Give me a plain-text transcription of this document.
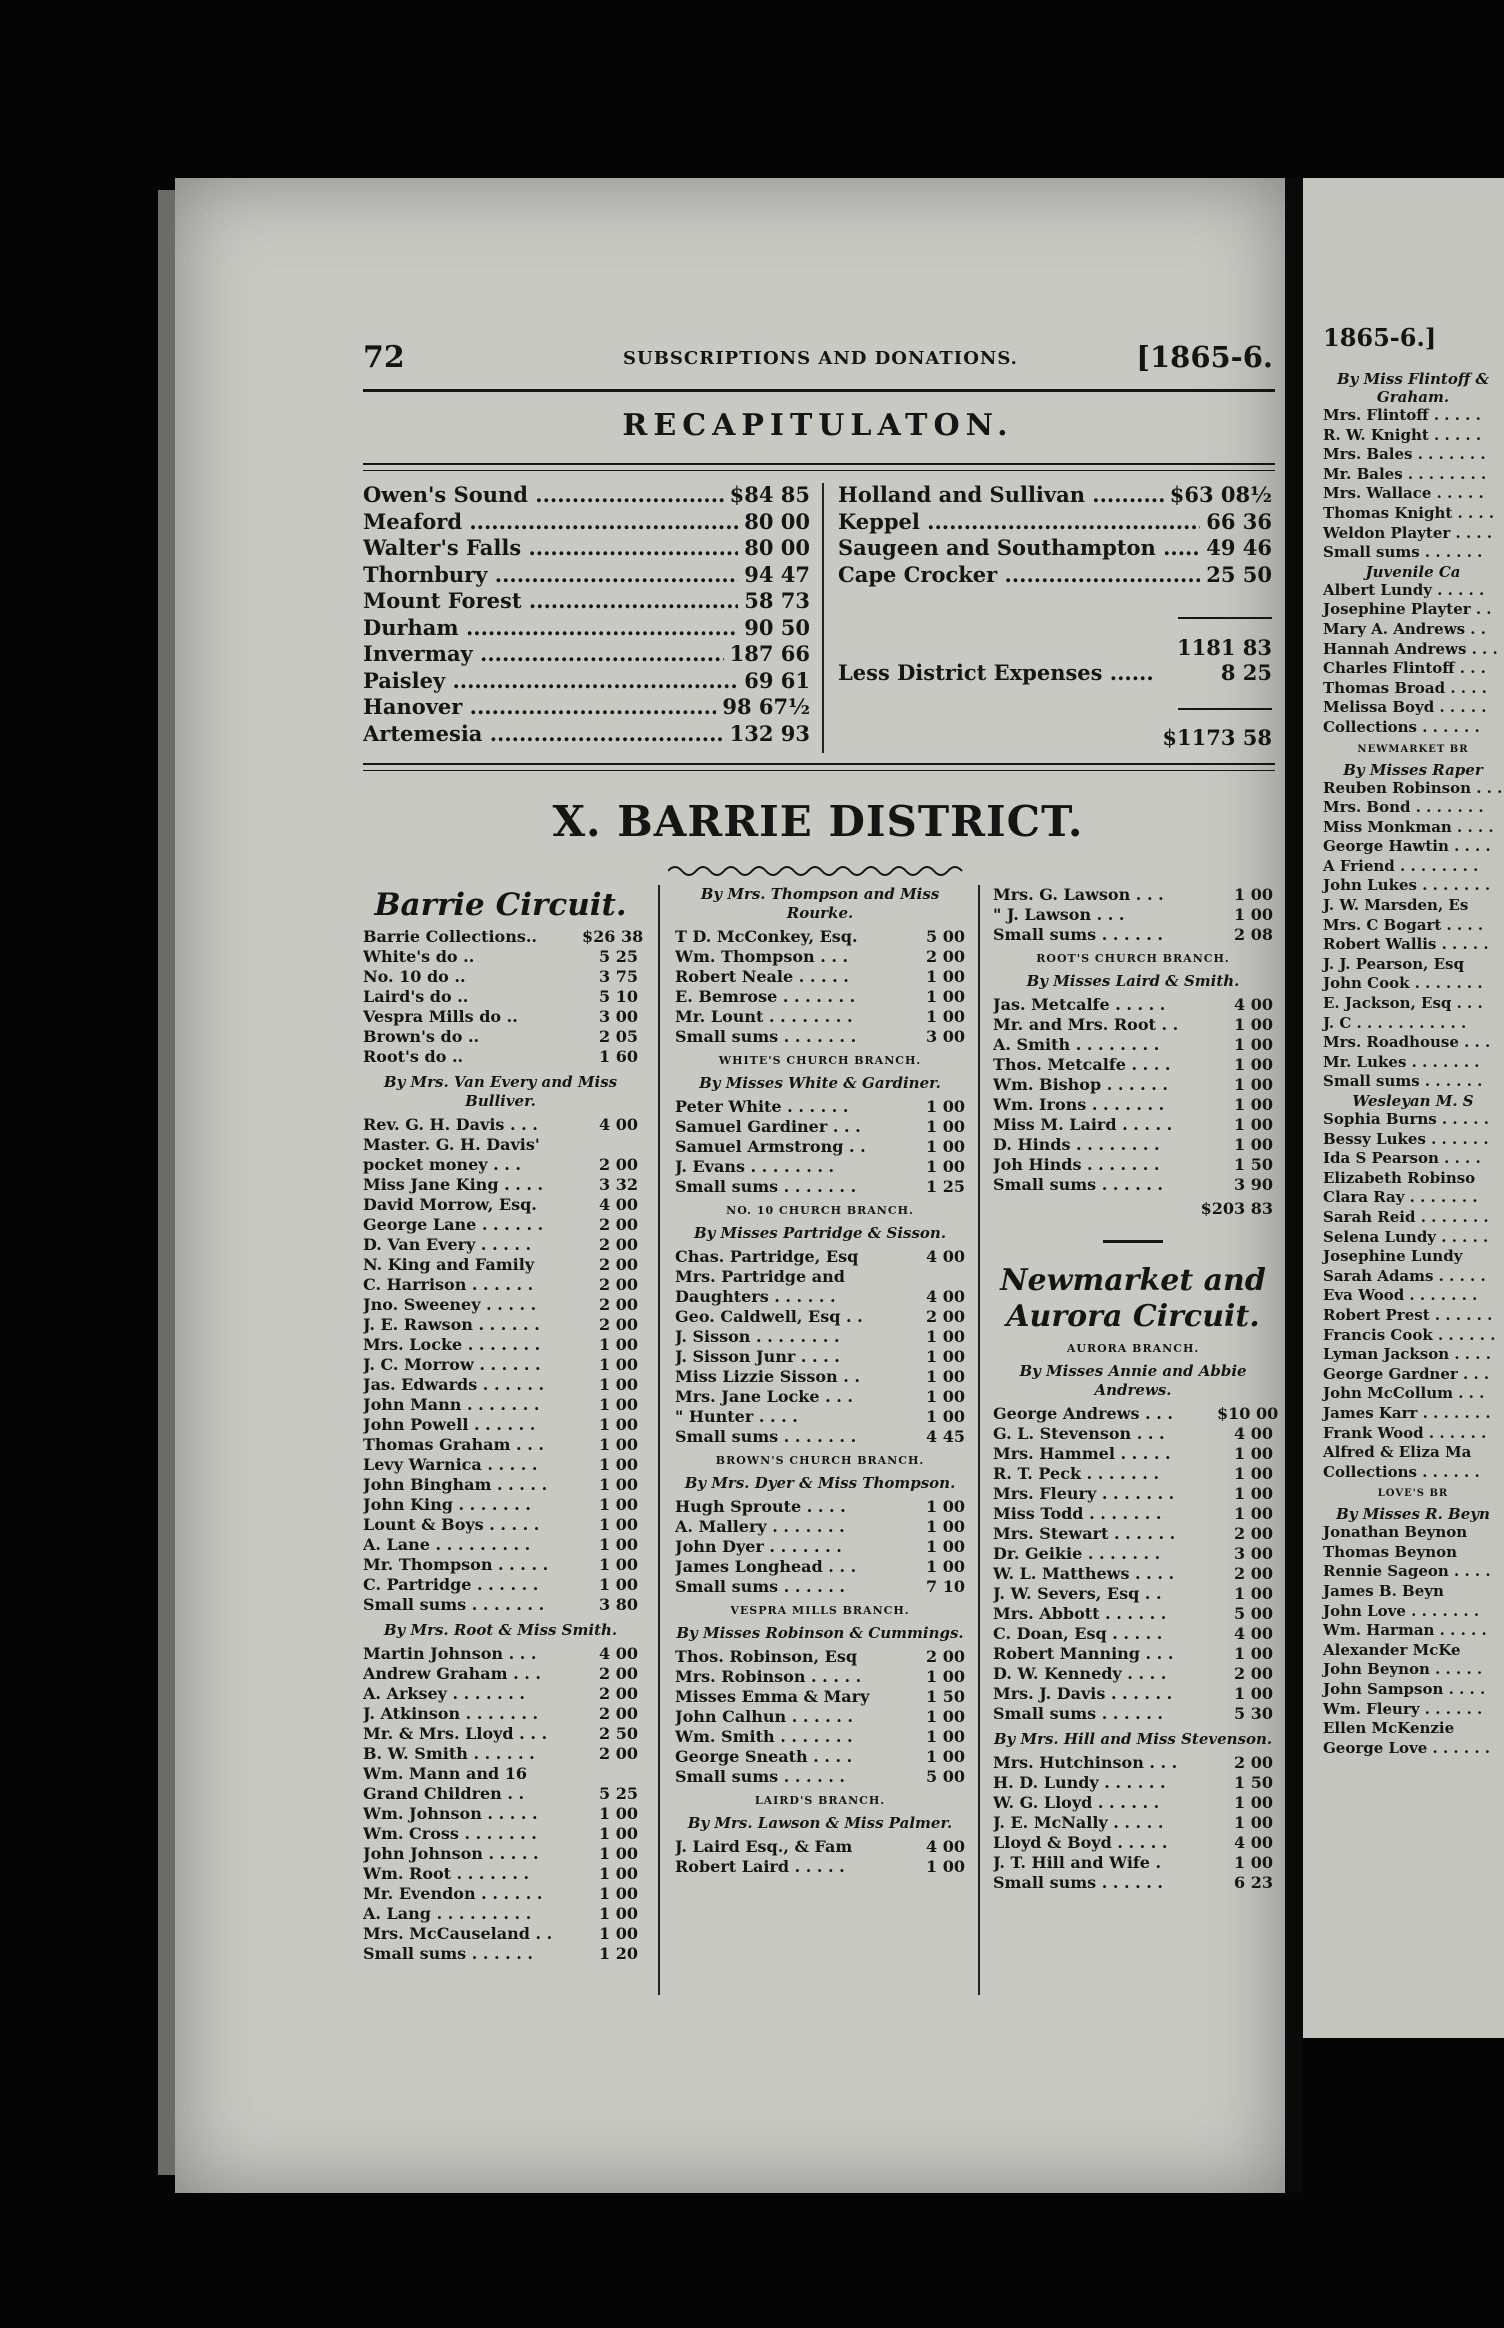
72	SUBSCRIPTIONS AND DONATIONS.	[1865-6.
RECAPITULATON.
Owen's Sound .....	$84 85
Meaford .....	80 00
Walter's Falls .....	80 00
Thornbury .....	94 47
Mount Forest .....	58 73
Durham .....	90 50
Invermay .....	187 66
Paisley .....	69 61
Hanover .....	98 67½
Artemesia .....	132 93
Holland and Sullivan .....	$63 08½
Keppel .....	66 36
Saugeen and Southampton .....	49 46
Cape Crocker .....	25 50
1181 83
Less District Expenses ......	8 25
$1173 58
X. BARRIE DISTRICT.
Barrie Circuit.
Barrie Collections..	$26 38
White's do ..	5 25
No. 10 do ..	3 75
Laird's do ..	5 10
Vespra Mills do ..	3 00
Brown's do ..	2 05
Root's do ..	1 60
By Mrs. Van Every and Miss Bulliver.
Rev. G. H. Davis . . .	4 00
Master. G. H. Davis'
pocket money . . .	2 00
Miss Jane King . . . .	3 32
David Morrow, Esq.	4 00
George Lane . . . . . .	2 00
D. Van Every . . . . .	2 00
N. King and Family	2 00
C. Harrison . . . . . .	2 00
Jno. Sweeney . . . . .	2 00
J. E. Rawson . . . . . .	2 00
Mrs. Locke . . . . . . .	1 00
J. C. Morrow . . . . . .	1 00
Jas. Edwards . . . . . .	1 00
John Mann . . . . . . .	1 00
John Powell . . . . . .	1 00
Thomas Graham . . .	1 00
Levy Warnica . . . . .	1 00
John Bingham . . . . .	1 00
John King . . . . . . .	1 00
Lount & Boys . . . . .	1 00
A. Lane . . . . . . . . .	1 00
Mr. Thompson . . . . .	1 00
C. Partridge . . . . . .	1 00
Small sums . . . . . . .	3 80
By Mrs. Root & Miss Smith.
Martin Johnson . . .	4 00
Andrew Graham . . .	2 00
A. Arksey . . . . . . .	2 00
J. Atkinson . . . . . . .	2 00
Mr. & Mrs. Lloyd . . .	2 50
B. W. Smith . . . . . .	2 00
Wm. Mann and 16
Grand Children . .	5 25
Wm. Johnson . . . . .	1 00
Wm. Cross . . . . . . .	1 00
John Johnson . . . . .	1 00
Wm. Root . . . . . . .	1 00
Mr. Evendon . . . . . .	1 00
A. Lang . . . . . . . . .	1 00
Mrs. McCauseland . .	1 00
Small sums . . . . . .	1 20
By Mrs. Thompson and Miss Rourke.
T D. McConkey, Esq.	5 00
Wm. Thompson . . .	2 00
Robert Neale . . . . .	1 00
E. Bemrose . . . . . . .	1 00
Mr. Lount . . . . . . . .	1 00
Small sums . . . . . . .	3 00
WHITE'S CHURCH BRANCH.
By Misses White & Gardiner.
Peter White . . . . . .	1 00
Samuel Gardiner . . .	1 00
Samuel Armstrong . .	1 00
J. Evans . . . . . . . .	1 00
Small sums . . . . . . .	1 25
NO. 10 CHURCH BRANCH.
By Misses Partridge & Sisson.
Chas. Partridge, Esq	4 00
Mrs. Partridge and
Daughters . . . . . .	4 00
Geo. Caldwell, Esq . .	2 00
J. Sisson . . . . . . . .	1 00
J. Sisson Junr . . . .	1 00
Miss Lizzie Sisson . .	1 00
Mrs. Jane Locke . . .	1 00
" Hunter . . . .	1 00
Small sums . . . . . . .	4 45
BROWN'S CHURCH BRANCH.
By Mrs. Dyer & Miss Thompson.
Hugh Sproute . . . .	1 00
A. Mallery . . . . . . .	1 00
John Dyer . . . . . . .	1 00
James Longhead . . .	1 00
Small sums . . . . . .	7 10
VESPRA MILLS BRANCH.
By Misses Robinson & Cummings.
Thos. Robinson, Esq	2 00
Mrs. Robinson . . . . .	1 00
Misses Emma & Mary	1 50
John Calhun . . . . . .	1 00
Wm. Smith . . . . . . .	1 00
George Sneath . . . .	1 00
Small sums . . . . . .	5 00
LAIRD'S BRANCH.
By Mrs. Lawson & Miss Palmer.
J. Laird Esq., & Fam	4 00
Robert Laird . . . . .	1 00
Mrs. G. Lawson . . .	1 00
" J. Lawson . . .	1 00
Small sums . . . . . .	2 08
ROOT'S CHURCH BRANCH.
By Misses Laird & Smith.
Jas. Metcalfe . . . . .	4 00
Mr. and Mrs. Root . .	1 00
A. Smith . . . . . . . .	1 00
Thos. Metcalfe . . . .	1 00
Wm. Bishop . . . . . .	1 00
Wm. Irons . . . . . . .	1 00
Miss M. Laird . . . . .	1 00
D. Hinds . . . . . . . .	1 00
Joh Hinds . . . . . . .	1 50
Small sums . . . . . .	3 90
$203 83
Newmarket and Aurora Circuit.
AURORA BRANCH.
By Misses Annie and Abbie Andrews.
George Andrews . . .	$10 00
G. L. Stevenson . . .	4 00
Mrs. Hammel . . . . .	1 00
R. T. Peck . . . . . . .	1 00
Mrs. Fleury . . . . . . .	1 00
Miss Todd . . . . . . .	1 00
Mrs. Stewart . . . . . .	2 00
Dr. Geikie . . . . . . .	3 00
W. L. Matthews . . . .	2 00
J. W. Severs, Esq . .	1 00
Mrs. Abbott . . . . . .	5 00
C. Doan, Esq . . . . .	4 00
Robert Manning . . .	1 00
D. W. Kennedy . . . .	2 00
Mrs. J. Davis . . . . . .	1 00
Small sums . . . . . .	5 30
By Mrs. Hill and Miss Stevenson.
Mrs. Hutchinson . . .	2 00
H. D. Lundy . . . . . .	1 50
W. G. Lloyd . . . . . .	1 00
J. E. McNally . . . . .	1 00
Lloyd & Boyd . . . . .	4 00
J. T. Hill and Wife .	1 00
Small sums . . . . . .	6 23
1865-6.]
By Miss Flintoff & Graham.
Mrs. Flintoff . . . . .
R. W. Knight . . . . .
Mrs. Bales . . . . . . .
Mr. Bales . . . . . . . .
Mrs. Wallace . . . . .
Thomas Knight . . . .
Weldon Playter . . . .
Small sums . . . . . .
Juvenile Ca
Albert Lundy . . . . .
Josephine Playter . .
Mary A. Andrews . .
Hannah Andrews . . .
Charles Flintoff . . .
Thomas Broad . . . .
Melissa Boyd . . . . .
Collections . . . . . .
NEWMARKET BR
By Misses Raper
Reuben Robinson . . .
Mrs. Bond . . . . . . .
Miss Monkman . . . .
George Hawtin . . . .
A Friend . . . . . . . .
John Lukes . . . . . . .
J. W. Marsden, Es
Mrs. C Bogart . . . .
Robert Wallis . . . . .
J. J. Pearson, Esq
John Cook . . . . . . .
E. Jackson, Esq . . .
J. C . . . . . . . . . . .
Mrs. Roadhouse . . .
Mr. Lukes . . . . . . .
Small sums . . . . . .
Wesleyan M. S
Sophia Burns . . . . .
Bessy Lukes . . . . . .
Ida S Pearson . . . .
Elizabeth Robinso
Clara Ray . . . . . . .
Sarah Reid . . . . . . .
Selena Lundy . . . . .
Josephine Lundy
Sarah Adams . . . . .
Eva Wood . . . . . . .
Robert Prest . . . . . .
Francis Cook . . . . . .
Lyman Jackson . . . .
George Gardner . . .
John McCollum . . .
James Karr . . . . . . .
Frank Wood . . . . . .
Alfred & Eliza Ma
Collections . . . . . .
LOVE'S BR
By Misses R. Beyn
Jonathan Beynon
Thomas Beynon
Rennie Sageon . . . .
James B. Beyn
John Love . . . . . . .
Wm. Harman . . . . .
Alexander McKe
John Beynon . . . . .
John Sampson . . . .
Wm. Fleury . . . . . .
Ellen McKenzie
George Love . . . . . .
